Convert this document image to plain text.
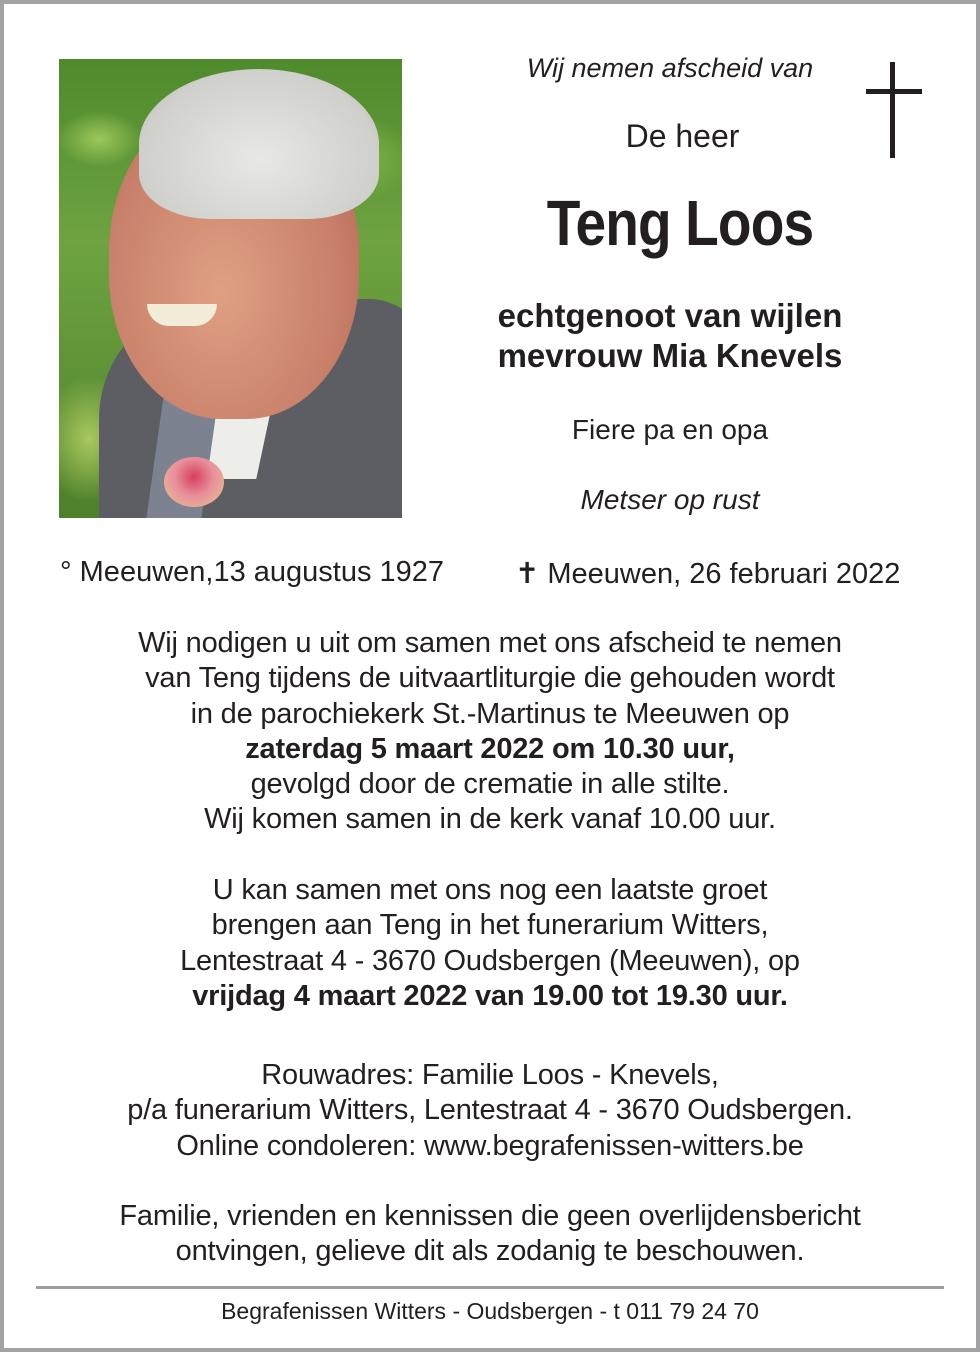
Wij nemen afscheid van
De heer
Teng Loos
echtgenoot van wijlen
mevrouw Mia Knevels
Fiere pa en opa
Metser op rust
° Meeuwen,13 augustus 1927 ✝ Meeuwen, 26 februari 2022
Wij nodigen u uit om samen met ons afscheid te nemen
van Teng tijdens de uitvaartliturgie die gehouden wordt
in de parochiekerk St.-Martinus te Meeuwen op
zaterdag 5 maart 2022 om 10.30 uur,
gevolgd door de crematie in alle stilte.
Wij komen samen in de kerk vanaf 10.00 uur.
U kan samen met ons nog een laatste groet
brengen aan Teng in het funerarium Witters,
Lentestraat 4 - 3670 Oudsbergen (Meeuwen), op
vrijdag 4 maart 2022 van 19.00 tot 19.30 uur.
Rouwadres: Familie Loos - Knevels,
p/a funerarium Witters, Lentestraat 4 - 3670 Oudsbergen.
Online condoleren: www.begrafenissen-witters.be
Familie, vrienden en kennissen die geen overlijdensbericht
ontvingen, gelieve dit als zodanig te beschouwen.
Begrafenissen Witters - Oudsbergen - t 011 79 24 70
